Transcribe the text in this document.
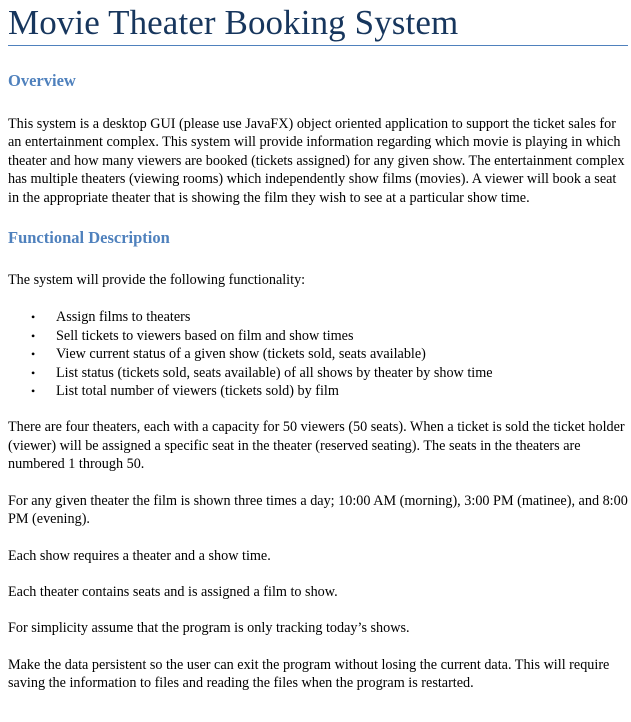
Movie Theater Booking System
Overview

This system is a desktop GUI (please use JavaFX) object oriented application to support the ticket sales for an entertainment complex. This system will provide information regarding which movie is playing in which theater and how many viewers are booked (tickets assigned) for any given show. The entertainment complex has multiple theaters (viewing rooms) which independently show films (movies). A viewer will book a seat in the appropriate theater that is showing the film they wish to see at a particular show time.

Functional Description

The system will provide the following functionality:

• Assign films to theaters
• Sell tickets to viewers based on film and show times
• View current status of a given show (tickets sold, seats available)
• List status (tickets sold, seats available) of all shows by theater by show time
• List total number of viewers (tickets sold) by film

There are four theaters, each with a capacity for 50 viewers (50 seats). When a ticket is sold the ticket holder (viewer) will be assigned a specific seat in the theater (reserved seating). The seats in the theaters are numbered 1 through 50.

For any given theater the film is shown three times a day; 10:00 AM (morning), 3:00 PM (matinee), and 8:00 PM (evening).

Each show requires a theater and a show time.

Each theater contains seats and is assigned a film to show.

For simplicity assume that the program is only tracking today’s shows.

Make the data persistent so the user can exit the program without losing the current data. This will require saving the information to files and reading the files when the program is restarted.
